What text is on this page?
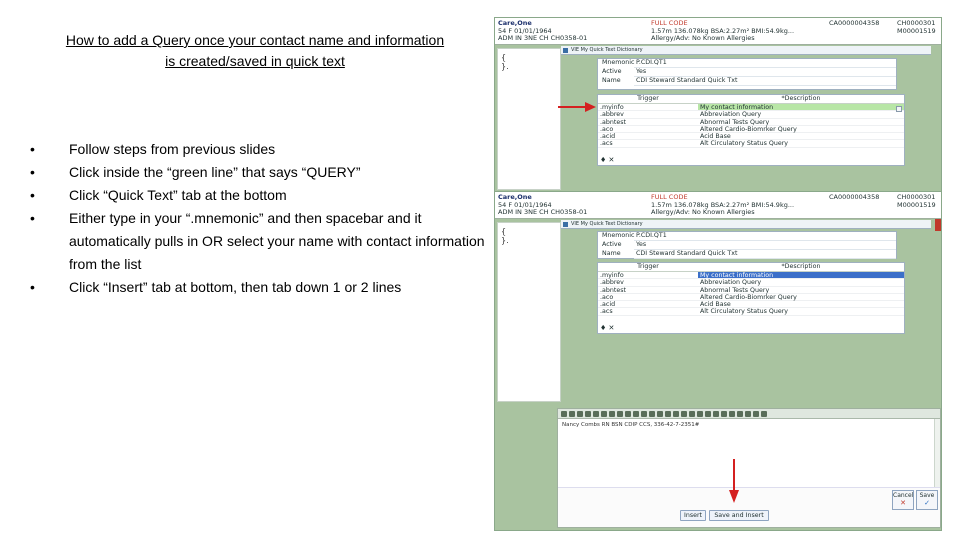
How to add a Query once your contact name and information
is created/saved in quick text
• Follow steps from previous slides
• Click inside the “green line” that says “QUERY”
• Click “Quick Text” tab at the bottom
• Either type in your “.mnemonic” and then spacebar and it automatically pulls in OR select your name with contact information from the list
• Click “Insert” tab at bottom, then tab down 1 or 2 lines
Care,One
54 F 01/01/1964
ADM IN 3NE CH CH0358-01
FULL CODE
1.57m 136.078kg BSA:2.27m² BMI:54.9kg...
Allergy/Adv: No Known Allergies
CA0000004358	CH0000301
M00001519
{
}.
VIE My Quick Text Dictionary
Mnemonic P.CDI.QT1
Active	Yes
Name	CDI Steward Standard Quick Txt
Trigger	*Description
.myinfo	My contact information
.abbrev	Abbreviation Query
.abntest	Abnormal Tests Query
.aco	Altered Cardio-Biomrker Query
.acid	Acid Base
.acs	Alt Circulatory Status Query
♦ ✕
Care,One
54 F 01/01/1964
ADM IN 3NE CH CH0358-01
FULL CODE
1.57m 136.078kg BSA:2.27m² BMI:54.9kg...
Allergy/Adv: No Known Allergies
CA0000004358	CH0000301
M00001519
{
}.
VIE My Quick Text Dictionary
Mnemonic P.CDI.QT1
Active	Yes
Name	CDI Steward Standard Quick Txt
Trigger	*Description
.myinfo	My contact information
.abbrev	Abbreviation Query
.abntest	Abnormal Tests Query
.aco	Altered Cardio-Biomrker Query
.acid	Acid Base
.acs	Alt Circulatory Status Query
♦ ✕
Nancy Combs RN BSN CDIP CCS, 336-42-7-2351#
Insert	Save and Insert
Cancel
✕
Save
✓
